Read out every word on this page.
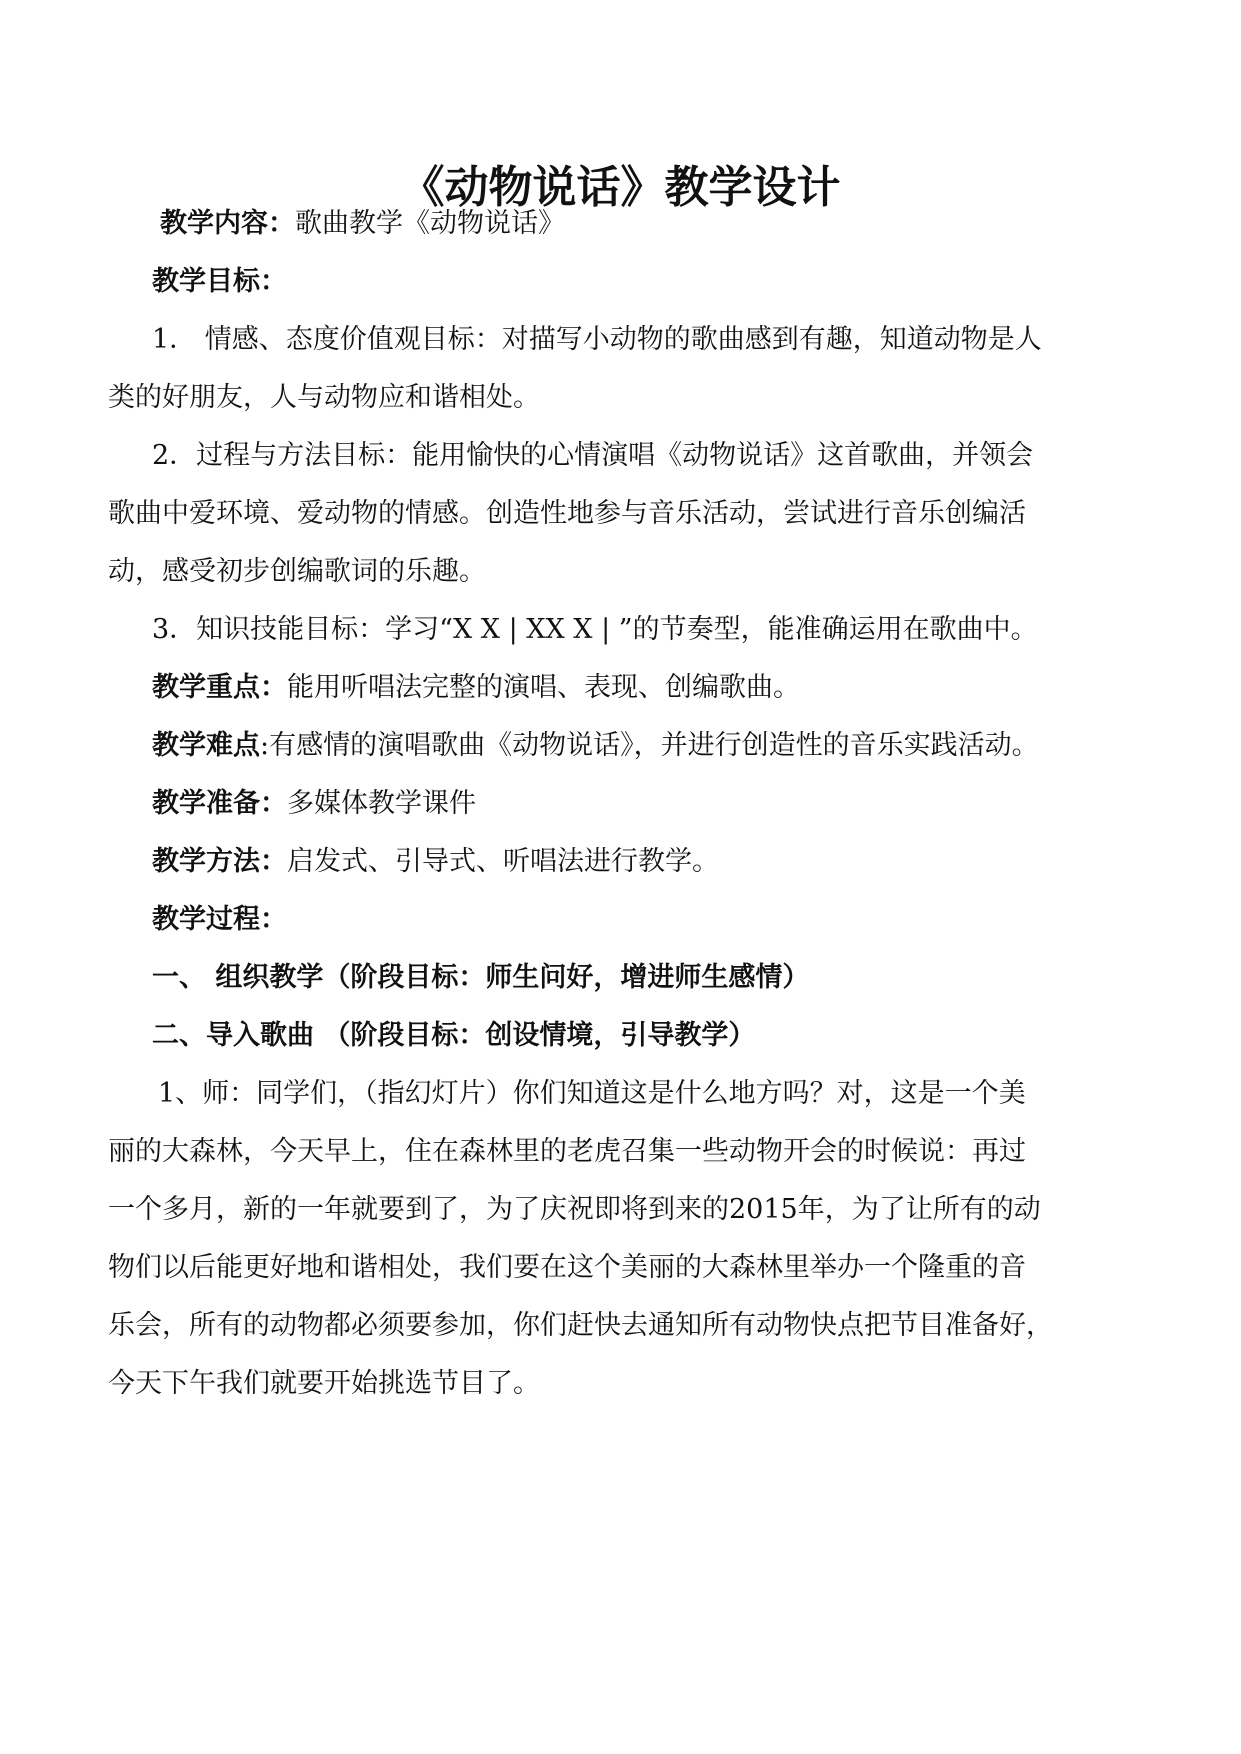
《动物说话》教学设计
教学内容：歌曲教学《动物说话》
教学目标：
1． 情感、态度价值观目标：对描写小动物的歌曲感到有趣，知道动物是人
类的好朋友，人与动物应和谐相处。
2．过程与方法目标：能用愉快的心情演唱《动物说话》这首歌曲，并领会
歌曲中爱环境、爱动物的情感。创造性地参与音乐活动，尝试进行音乐创编活
动，感受初步创编歌词的乐趣。
3．知识技能目标：学习“X X | XX X | ”的节奏型，能准确运用在歌曲中。
教学重点：能用听唱法完整的演唱、表现、创编歌曲。
教学难点:有感情的演唱歌曲《动物说话》，并进行创造性的音乐实践活动。
教学准备：多媒体教学课件
教学方法：启发式、引导式、听唱法进行教学。
教学过程：
一、 组织教学（阶段目标：师生问好，增进师生感情）
二、导入歌曲 （阶段目标：创设情境，引导教学）
1、师：同学们，（指幻灯片）你们知道这是什么地方吗？对，这是一个美
丽的大森林，今天早上，住在森林里的老虎召集一些动物开会的时候说：再过
一个多月，新的一年就要到了，为了庆祝即将到来的2015年，为了让所有的动
物们以后能更好地和谐相处，我们要在这个美丽的大森林里举办一个隆重的音
乐会，所有的动物都必须要参加，你们赶快去通知所有动物快点把节目准备好，
今天下午我们就要开始挑选节目了。
